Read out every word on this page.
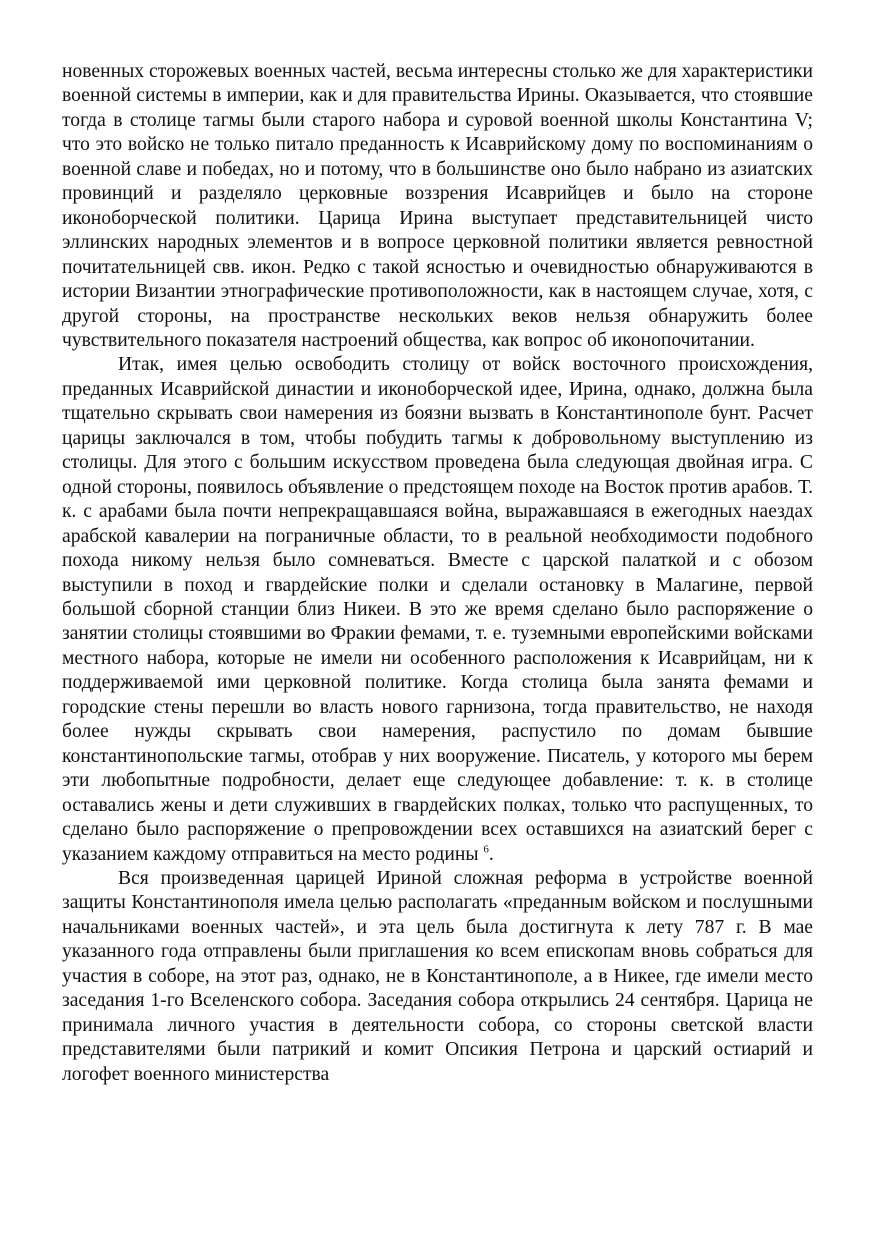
новенных сторожевых военных частей, весьма интересны столько же для характеристики военной системы в империи, как и для правительства Ирины. Оказывается, что стоявшие тогда в столице тагмы были старого набора и суровой военной школы Константина V; что это войско не только питало преданность к Исаврийскому дому по воспоминаниям о военной славе и победах, но и потому, что в большинстве оно было набрано из азиатских провинций и разделяло церковные воззрения Исаврийцев и было на стороне иконоборческой политики. Царица Ирина выступает представительницей чисто эллинских народных элементов и в вопросе церковной политики является ревностной почитательницей свв. икон. Редко с такой ясностью и очевидностью обнаруживаются в истории Византии этнографические противоположности, как в настоящем случае, хотя, с другой стороны, на пространстве нескольких веков нельзя обнаружить более чувствительного показателя настроений общества, как вопрос об иконопочитании.

Итак, имея целью освободить столицу от войск восточного происхождения, преданных Исаврийской династии и иконоборческой идее, Ирина, однако, должна была тщательно скрывать свои намерения из боязни вызвать в Константинополе бунт. Расчет царицы заключался в том, чтобы побудить тагмы к добровольному выступлению из столицы. Для этого с большим искусством проведена была следующая двойная игра. С одной стороны, появилось объявление о предстоящем походе на Восток против арабов. Т. к. с арабами была почти непрекращавшаяся война, выражавшаяся в ежегодных наездах арабской кавалерии на пограничные области, то в реальной необходимости подобного похода никому нельзя было сомневаться. Вместе с царской палаткой и с обозом выступили в поход и гвардейские полки и сделали остановку в Малагине, первой большой сборной станции близ Никеи. В это же время сделано было распоряжение о занятии столицы стоявшими во Фракии фемами, т. е. туземными европейскими войсками местного набора, которые не имели ни особенного расположения к Исаврийцам, ни к поддерживаемой ими церковной политике. Когда столица была занята фемами и городские стены перешли во власть нового гарнизона, тогда правительство, не находя более нужды скрывать свои намерения, распустило по домам бывшие константинопольские тагмы, отобрав у них вооружение. Писатель, у которого мы берем эти любопытные подробности, делает еще следующее добавление: т. к. в столице оставались жены и дети служивших в гвардейских полках, только что распущенных, то сделано было распоряжение о препровождении всех оставшихся на азиатский берег с указанием каждому отправиться на место родины $^6$.

Вся произведенная царицей Ириной сложная реформа в устройстве военной защиты Константинополя имела целью располагать «преданным войском и послушными начальниками военных частей», и эта цель была достигнута к лету 787 г. В мае указанного года отправлены были приглашения ко всем епископам вновь собраться для участия в соборе, на этот раз, однако, не в Константинополе, а в Никее, где имели место заседания 1-го Вселенского собора. Заседания собора открылись 24 сентября. Царица не принимала личного участия в деятельности собора, со стороны светской власти представителями были патрикий и комит Опсикия Петрона и царский остиарий и логофет военного министерства
